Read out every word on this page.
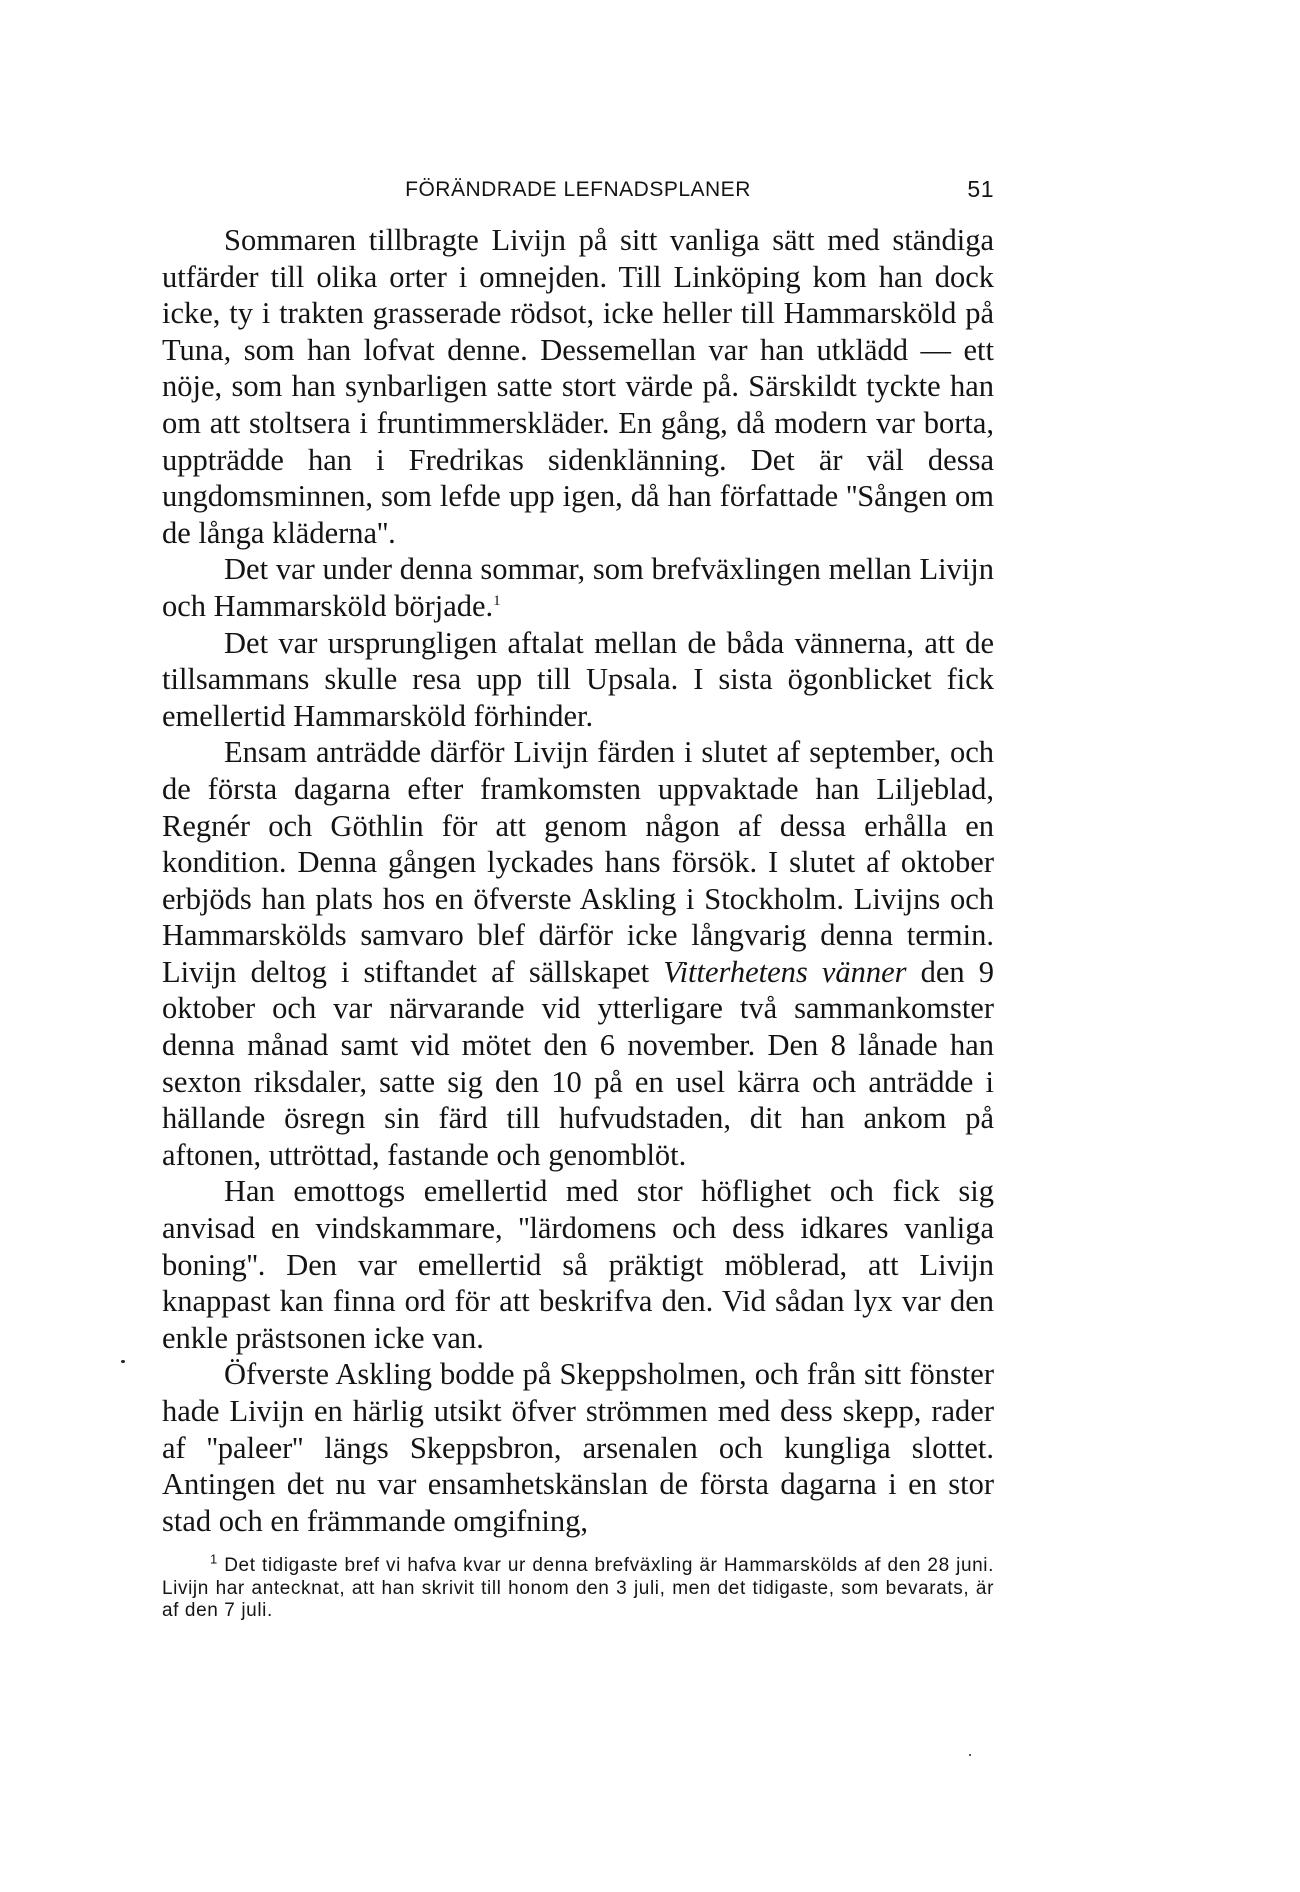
FÖRÄNDRADE LEFNADSPLANER	51

Sommaren tillbragte Livijn på sitt vanliga sätt med ständiga utfärder till olika orter i omnejden. Till Linköping kom han dock icke, ty i trakten grasserade rödsot, icke heller till Hammarsköld på Tuna, som han lofvat denne. Dessemellan var han utklädd — ett nöje, som han synbarligen satte stort värde på. Särskildt tyckte han om att stoltsera i fruntimmerskläder. En gång, då modern var borta, uppträdde han i Fredrikas sidenklänning. Det är väl dessa ungdomsminnen, som lefde upp igen, då han författade ''Sången om de långa kläderna''.

Det var under denna sommar, som brefväxlingen mellan Livijn och Hammarsköld började.$^1$

Det var ursprungligen aftalat mellan de båda vännerna, att de tillsammans skulle resa upp till Upsala. I sista ögonblicket fick emellertid Hammarsköld förhinder.

Ensam anträdde därför Livijn färden i slutet af september, och de första dagarna efter framkomsten uppvaktade han Liljeblad, Regnér och Göthlin för att genom någon af dessa erhålla en kondition. Denna gången lyckades hans försök. I slutet af oktober erbjöds han plats hos en öfverste Askling i Stockholm. Livijns och Hammarskölds samvaro blef därför icke långvarig denna termin. Livijn deltog i stiftandet af sällskapet Vitterhetens vänner den 9 oktober och var närvarande vid ytterligare två sammankomster denna månad samt vid mötet den 6 november. Den 8 lånade han sexton riksdaler, satte sig den 10 på en usel kärra och anträdde i hällande ösregn sin färd till hufvudstaden, dit han ankom på aftonen, uttröttad, fastande och genomblöt.

Han emottogs emellertid med stor höflighet och fick sig anvisad en vindskammare, ''lärdomens och dess idkares vanliga boning''. Den var emellertid så präktigt möblerad, att Livijn knappast kan finna ord för att beskrifva den. Vid sådan lyx var den enkle prästsonen icke van.

Öfverste Askling bodde på Skeppsholmen, och från sitt fönster hade Livijn en härlig utsikt öfver strömmen med dess skepp, rader af ''paleer'' längs Skeppsbron, arsenalen och kungliga slottet. Antingen det nu var ensamhetskänslan de första dagarna i en stor stad och en främmande omgifning,

$^1$ Det tidigaste bref vi hafva kvar ur denna brefväxling är Hammarskölds af den 28 juni. Livijn har antecknat, att han skrivit till honom den 3 juli, men det tidigaste, som bevarats, är af den 7 juli.
